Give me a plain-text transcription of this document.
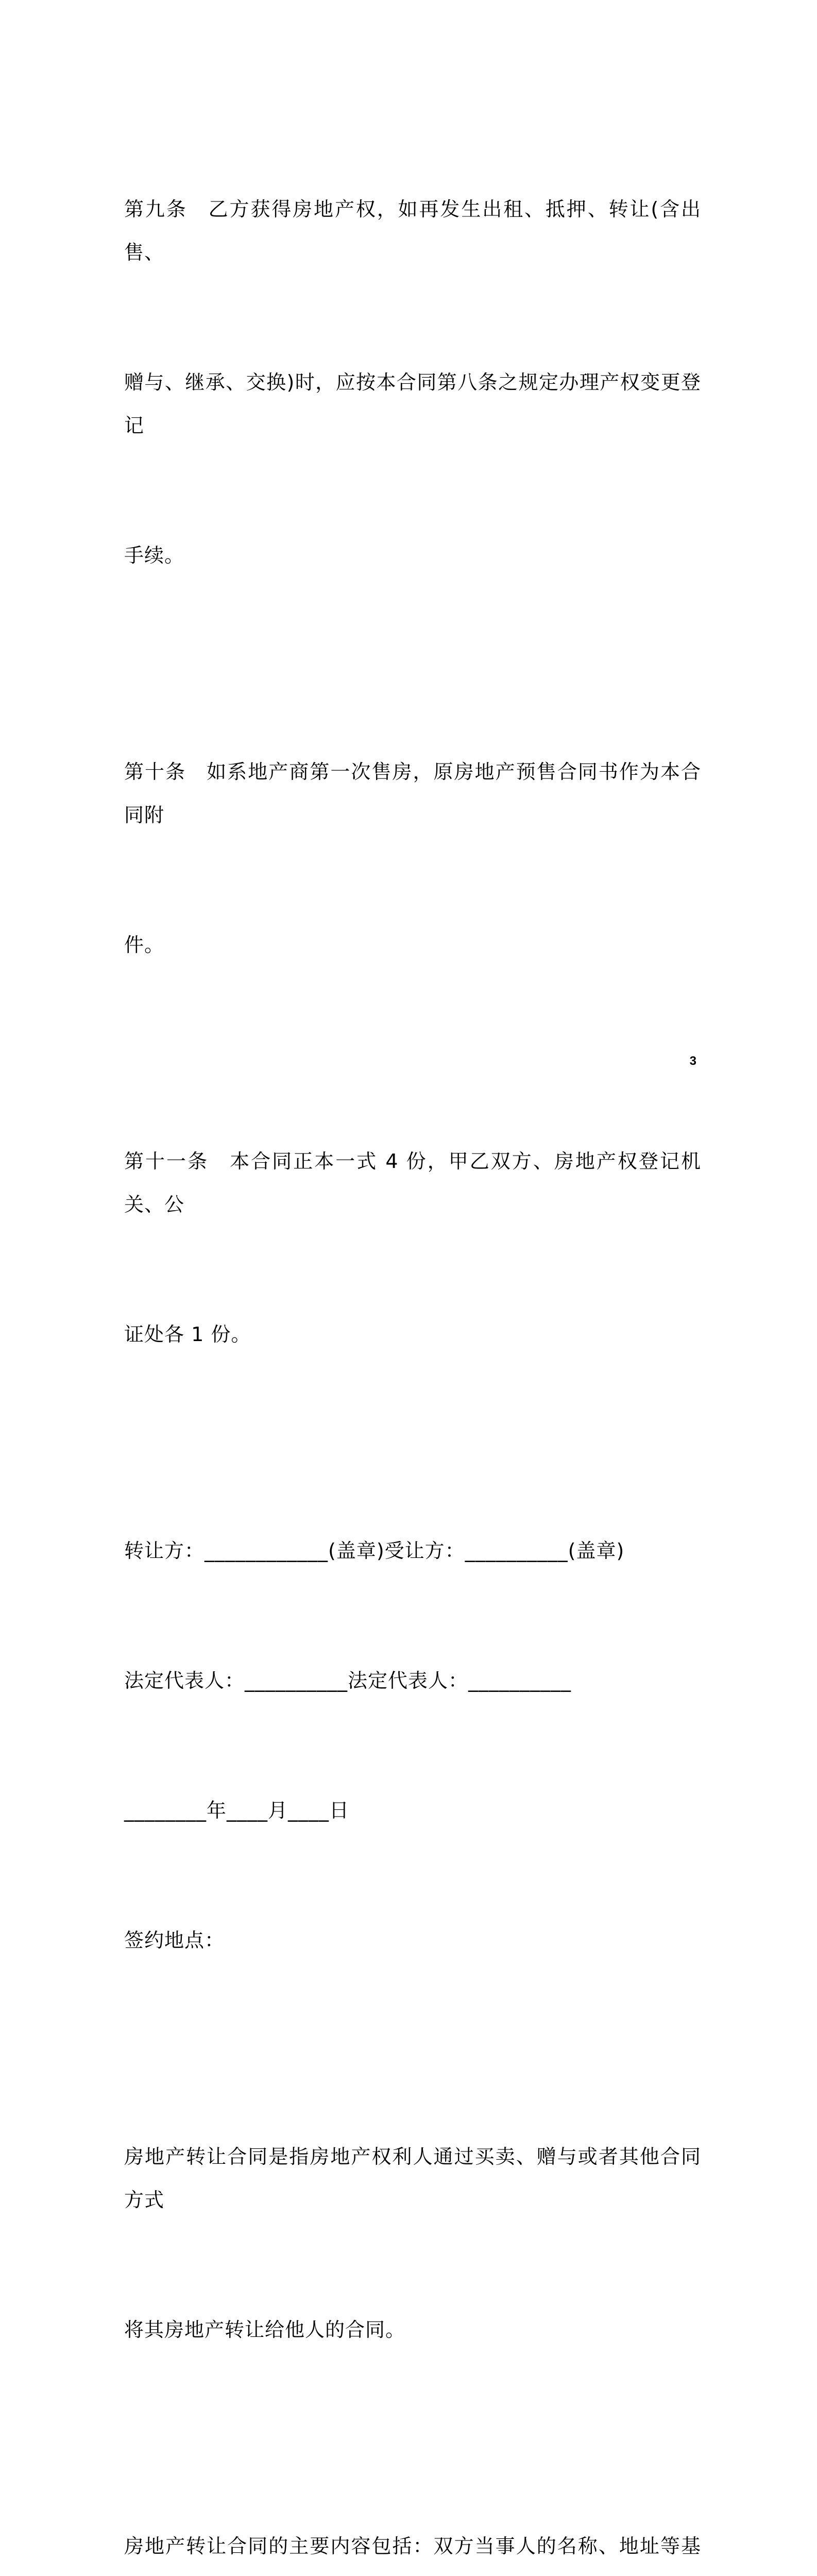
第九条　乙方获得房地产权，如再发生出租、抵押、转让(含出售、

赠与、继承、交换)时，应按本合同第八条之规定办理产权变更登记

手续。

第十条　如系地产商第一次售房，原房地产预售合同书作为本合同附

件。

第十一条　本合同正本一式 4 份，甲乙双方、房地产权登记机关、公

证处各 1 份。

转让方：____________(盖章)受让方：__________(盖章)

法定代表人：__________法定代表人：__________

________年____月____日

签约地点：

房地产转让合同是指房地产权利人通过买卖、赠与或者其他合同方式

将其房地产转让给他人的合同。

房地产转让合同的主要内容包括：双方当事人的名称、地址等基

3
